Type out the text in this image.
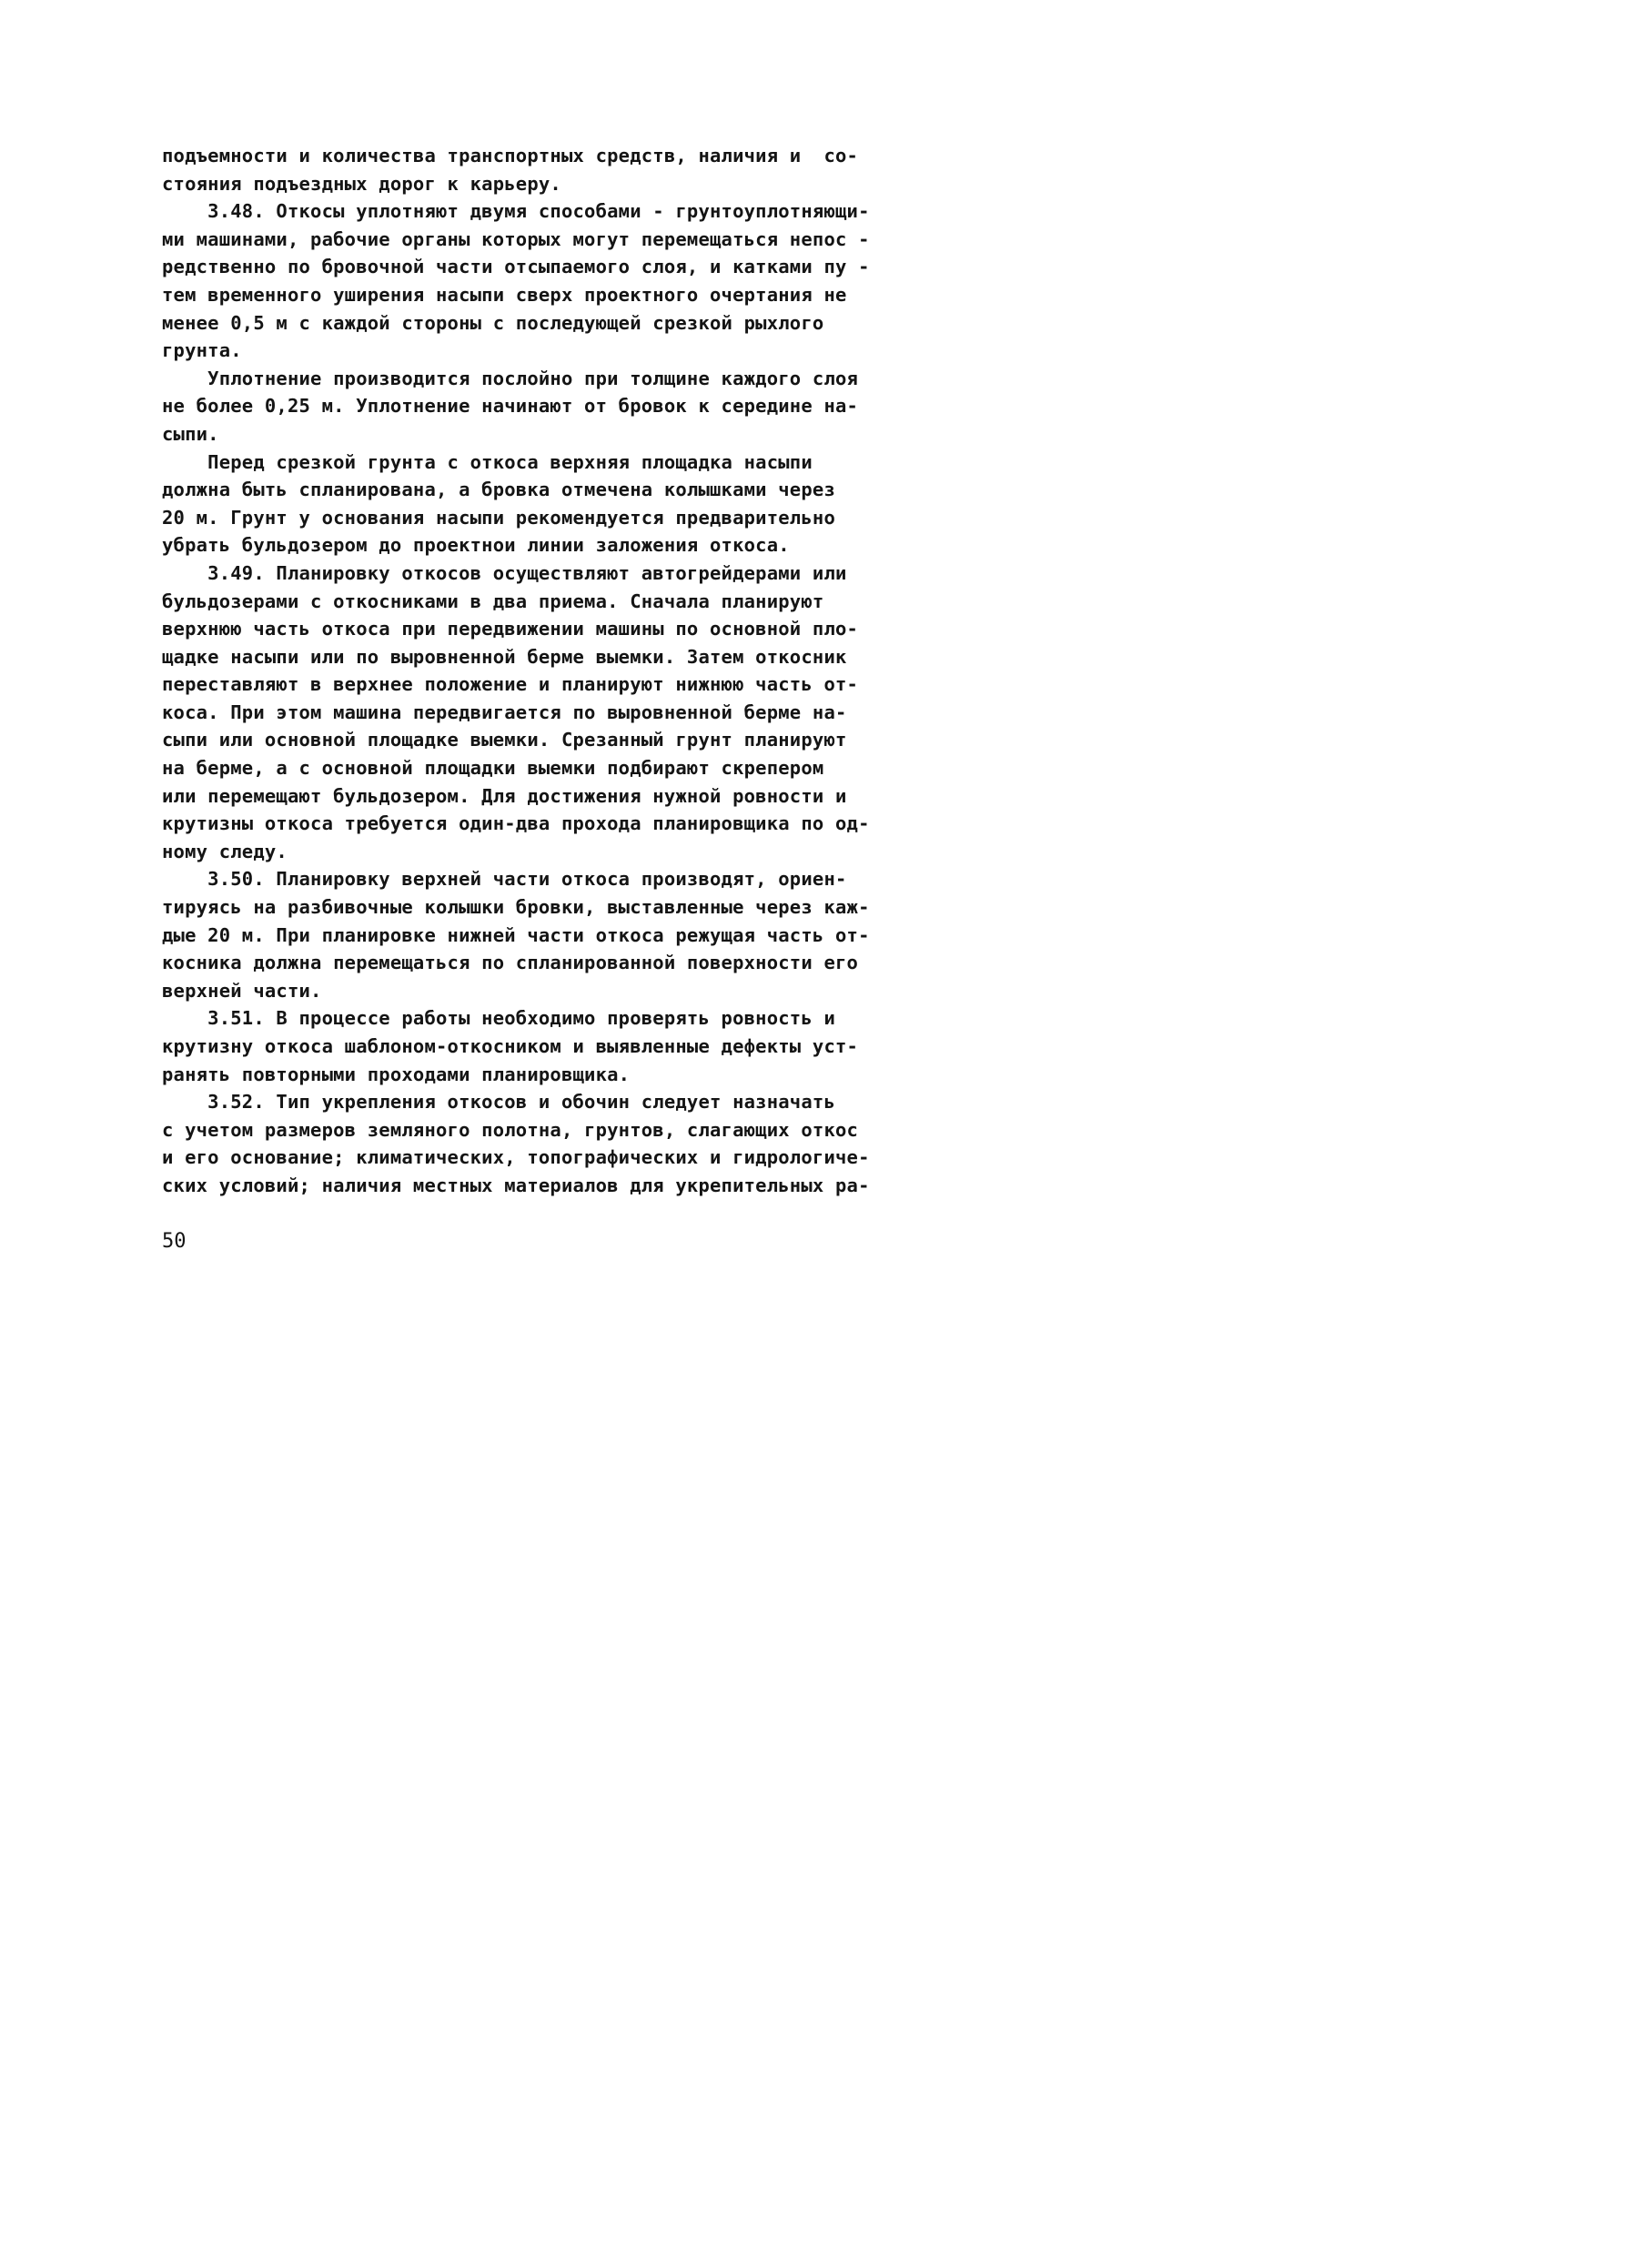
подъемности и количества транспортных средств, наличия и  со-
стояния подъездных дорог к карьеру.
3.48. Откосы уплотняют двумя способами - грунтоуплотняющи-
ми машинами, рабочие органы которых могут перемещаться непос -
редственно по бровочной части отсыпаемого слоя, и катками пу -
тем временного уширения насыпи сверх проектного очертания не
менее 0,5 м с каждой стороны с последующей срезкой рыхлого
грунта.
Уплотнение производится послойно при толщине каждого слоя
не более 0,25 м. Уплотнение начинают от бровок к середине на-
сыпи.
Перед срезкой грунта с откоса верхняя площадка насыпи
должна быть спланирована, а бровка отмечена колышками через
20 м. Грунт у основания насыпи рекомендуется предварительно
убрать бульдозером до проектнои линии заложения откоса.
3.49. Планировку откосов осуществляют автогрейдерами или
бульдозерами с откосниками в два приема. Сначала планируют
верхнюю часть откоса при передвижении машины по основной пло-
щадке насыпи или по выровненной берме выемки. Затем откосник
переставляют в верхнее положение и планируют нижнюю часть от-
коса. При этом машина передвигается по выровненной берме на-
сыпи или основной площадке выемки. Срезанный грунт планируют
на берме, а с основной площадки выемки подбирают скрепером
или перемещают бульдозером. Для достижения нужной ровности и
крутизны откоса требуется один-два прохода планировщика по од-
ному следу.
3.50. Планировку верхней части откоса производят, ориен-
тируясь на разбивочные колышки бровки, выставленные через каж-
дые 20 м. При планировке нижней части откоса режущая часть от-
косника должна перемещаться по спланированной поверхности его
верхней части.
3.51. В процессе работы необходимо проверять ровность и
крутизну откоса шаблоном-откосником и выявленные дефекты уст-
ранять повторными проходами планировщика.
3.52. Тип укрепления откосов и обочин следует назначать
с учетом размеров земляного полотна, грунтов, слагающих откос
и его основание; климатических, топографических и гидрологиче-
ских условий; наличия местных материалов для укрепительных ра-
50
